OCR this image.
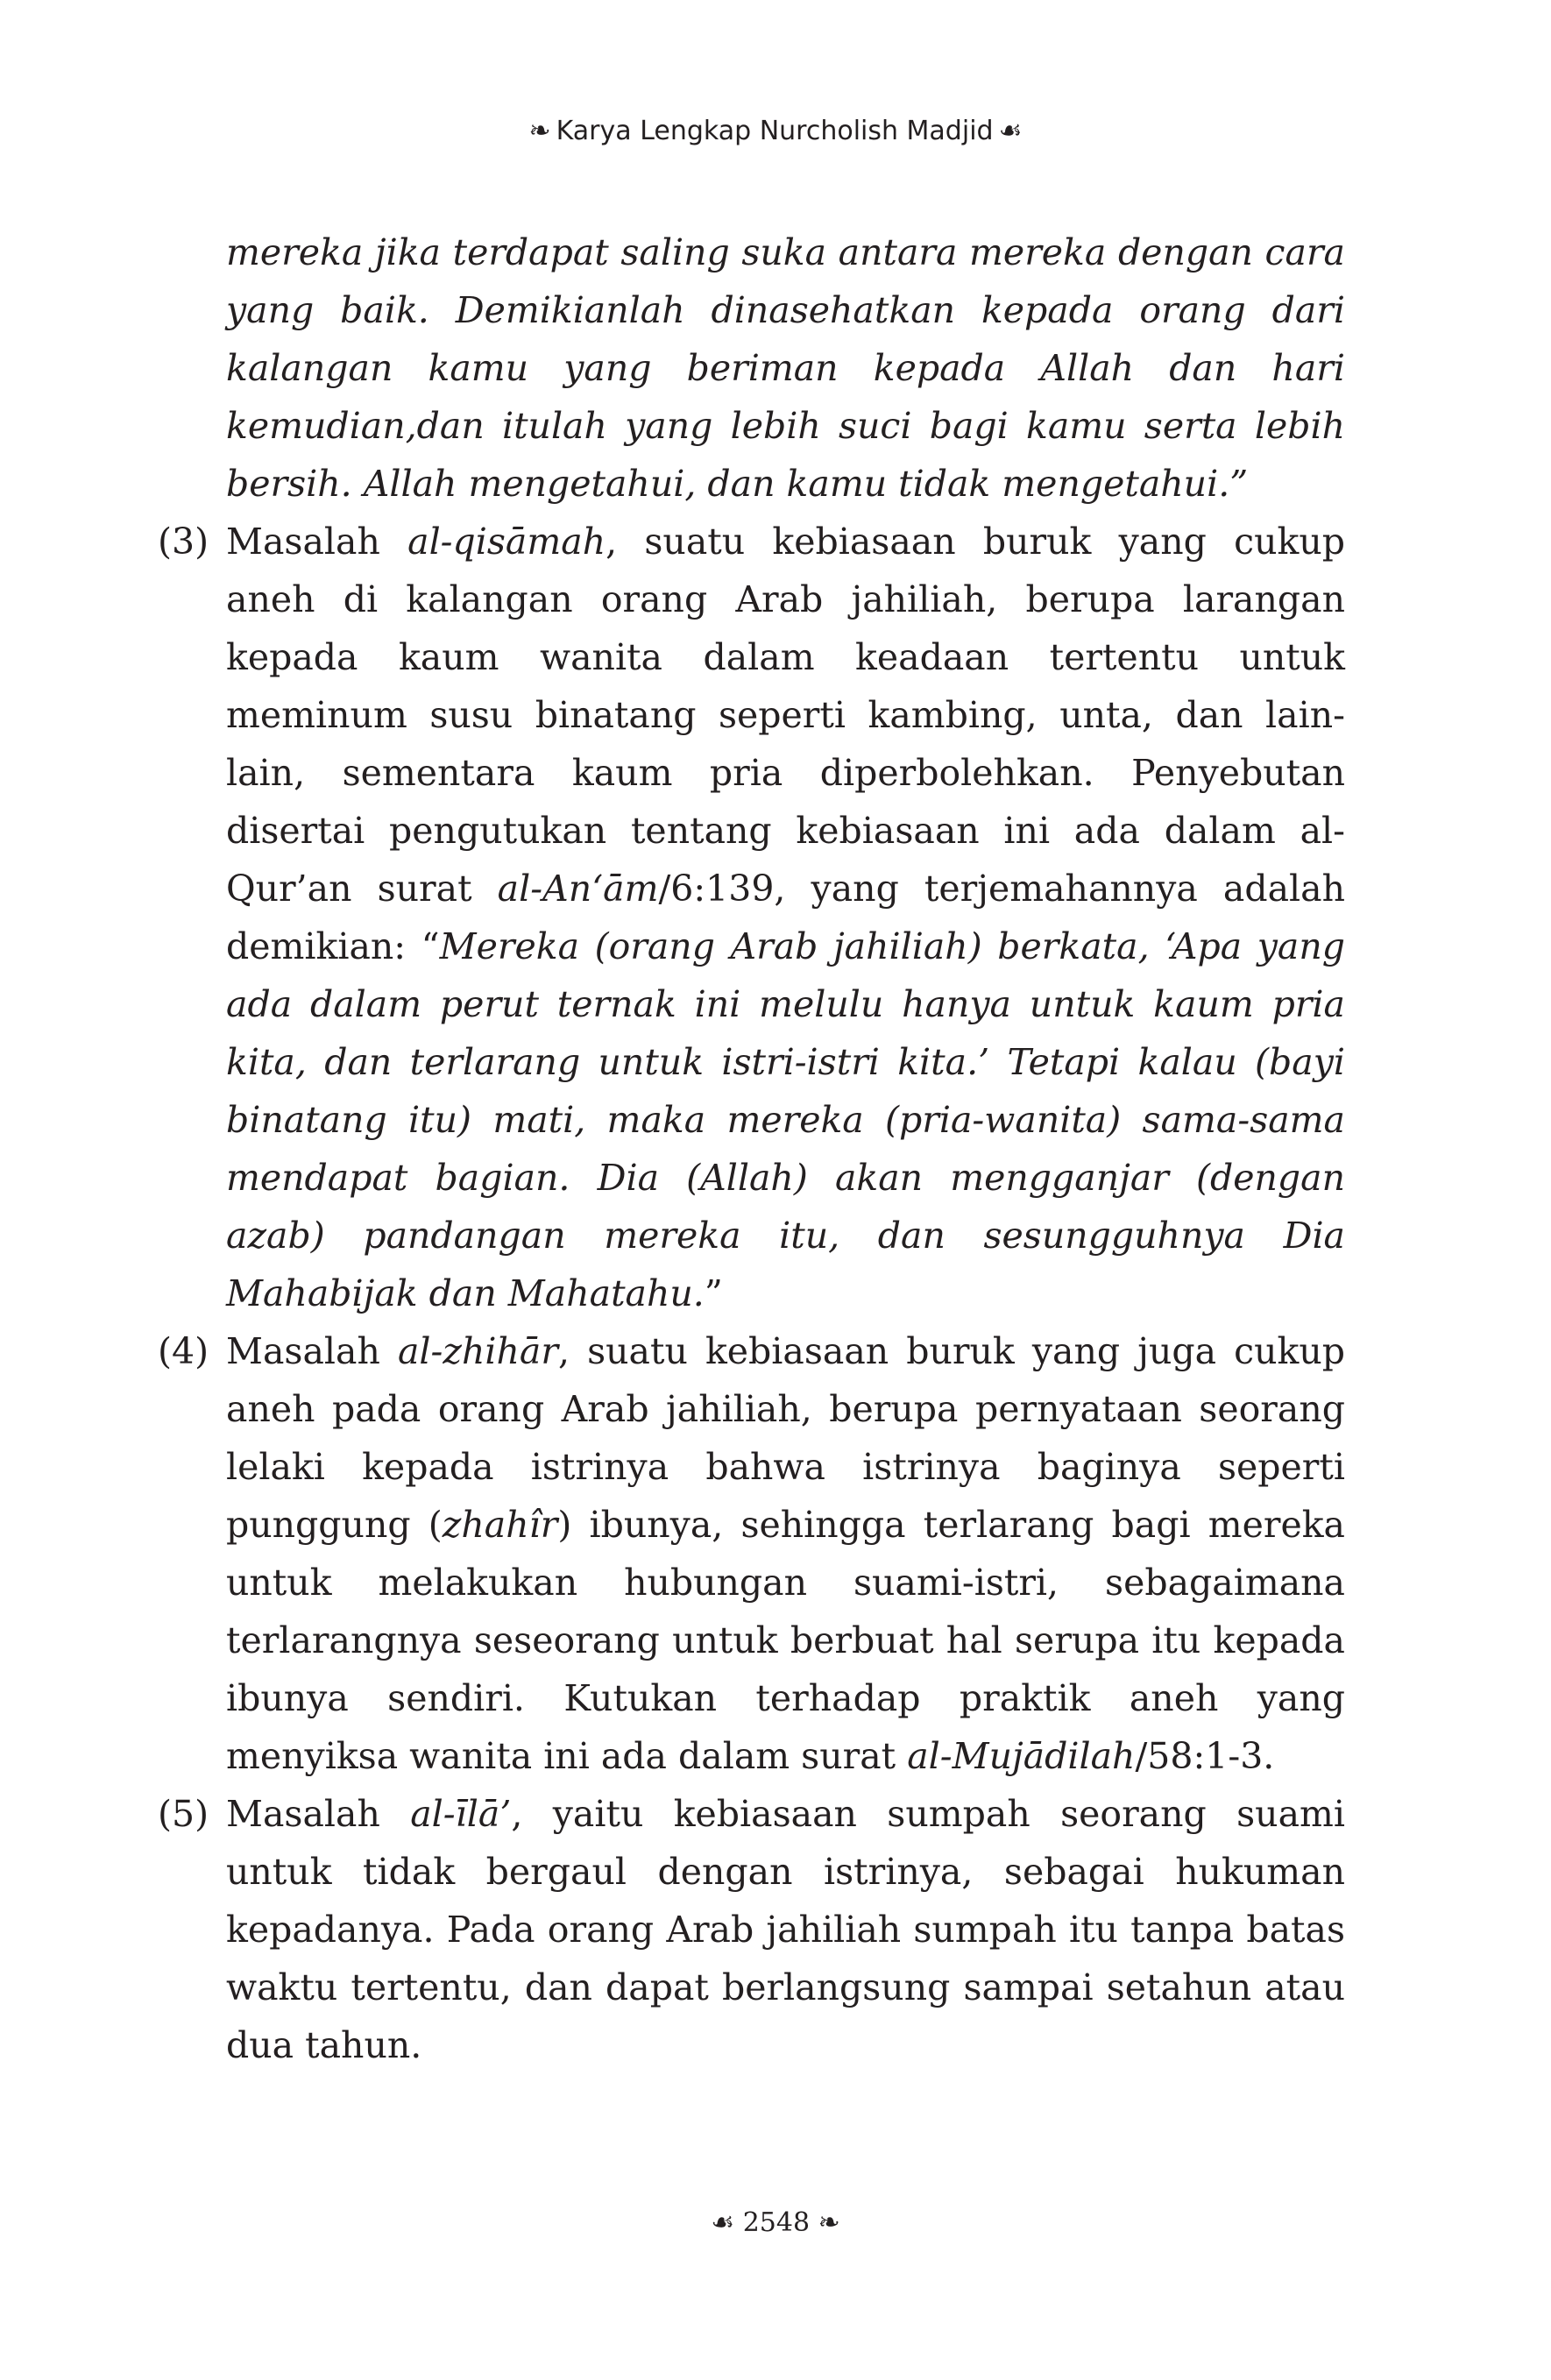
❧ Karya Lengkap Nurcholish Madjid ☙
mereka jika terdapat saling suka antara mereka dengan cara yang baik. Demikianlah dinasehatkan kepada orang dari kalangan kamu yang beriman kepada Allah dan hari kemudian,dan itulah yang lebih suci bagi kamu serta lebih bersih. Allah mengetahui, dan kamu tidak mengetahui.”
(3) Masalah al-qisāmah, suatu kebiasaan buruk yang cukup aneh di kalangan orang Arab jahiliah, berupa larangan kepada kaum wanita dalam keadaan tertentu untuk meminum susu binatang seperti kambing, unta, dan lain-lain, sementara kaum pria diperbolehkan. Penyebutan disertai pengutukan tentang kebiasaan ini ada dalam al-Qur’an surat al-An‘ām/6:139, yang terjemahannya adalah demikian: “Mereka (orang Arab jahiliah) berkata, ‘Apa yang ada dalam perut ternak ini melulu hanya untuk kaum pria kita, dan terlarang untuk istri-istri kita.’ Tetapi kalau (bayi binatang itu) mati, maka mereka (pria-wanita) sama-sama mendapat bagian. Dia (Allah) akan mengganjar (dengan azab) pandangan mereka itu, dan sesungguhnya Dia Mahabijak dan Mahatahu.”
(4) Masalah al-zhihār, suatu kebiasaan buruk yang juga cukup aneh pada orang Arab jahiliah, berupa pernyataan seorang lelaki kepada istrinya bahwa istrinya baginya seperti punggung (zhahîr) ibunya, sehingga terlarang bagi mereka untuk melakukan hubungan suami-istri, sebagaimana terlarangnya seseorang untuk berbuat hal serupa itu kepada ibunya sendiri. Kutukan terhadap praktik aneh yang menyiksa wanita ini ada dalam surat al-Mujādilah/58:1-3.
(5) Masalah al-īlā’, yaitu kebiasaan sumpah seorang suami untuk tidak bergaul dengan istrinya, sebagai hukuman kepadanya. Pada orang Arab jahiliah sumpah itu tanpa batas waktu tertentu, dan dapat berlangsung sampai setahun atau dua tahun.
☙ 2548 ❧
